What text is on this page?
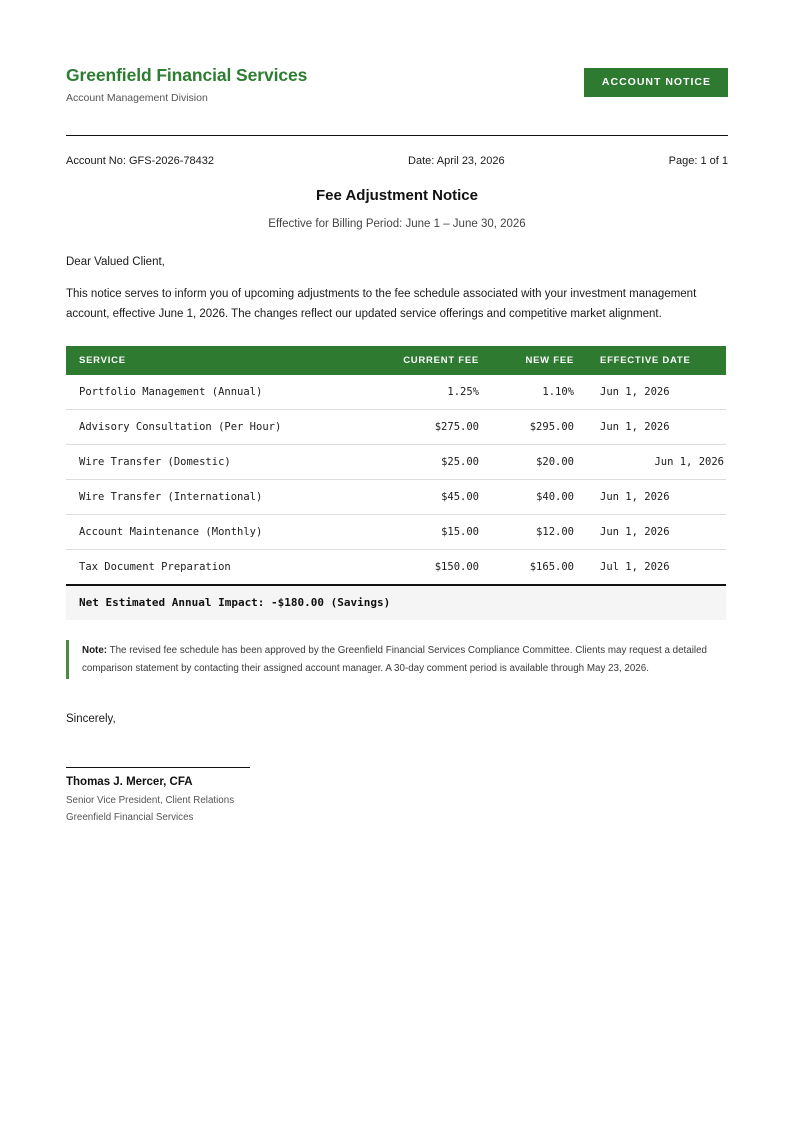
Greenfield Financial Services
Account Management Division
ACCOUNT NOTICE
Account No: GFS-2026-78432	Date: April 23, 2026	Page: 1 of 1
Fee Adjustment Notice
Effective for Billing Period: June 1 – June 30, 2026
Dear Valued Client,
This notice serves to inform you of upcoming adjustments to the fee schedule associated with your investment management account, effective June 1, 2026. The changes reflect our updated service offerings and competitive market alignment.
SERVICE	CURRENT FEE	NEW FEE	EFFECTIVE DATE
Portfolio Management (Annual)	1.25%	1.10%	Jun 1, 2026
Advisory Consultation (Per Hour)	$275.00	$295.00	Jun 1, 2026
Wire Transfer (Domestic)	$25.00	$20.00	Jun 1, 2026
Wire Transfer (International)	$45.00	$40.00	Jun 1, 2026
Account Maintenance (Monthly)	$15.00	$12.00	Jun 1, 2026
Tax Document Preparation	$150.00	$165.00	Jul 1, 2026
Net Estimated Annual Impact: -$180.00 (Savings)
Note: The revised fee schedule has been approved by the Greenfield Financial Services Compliance Committee. Clients may request a detailed comparison statement by contacting their assigned account manager. A 30-day comment period is available through May 23, 2026.
Sincerely,
Thomas J. Mercer, CFA
Senior Vice President, Client Relations
Greenfield Financial Services
